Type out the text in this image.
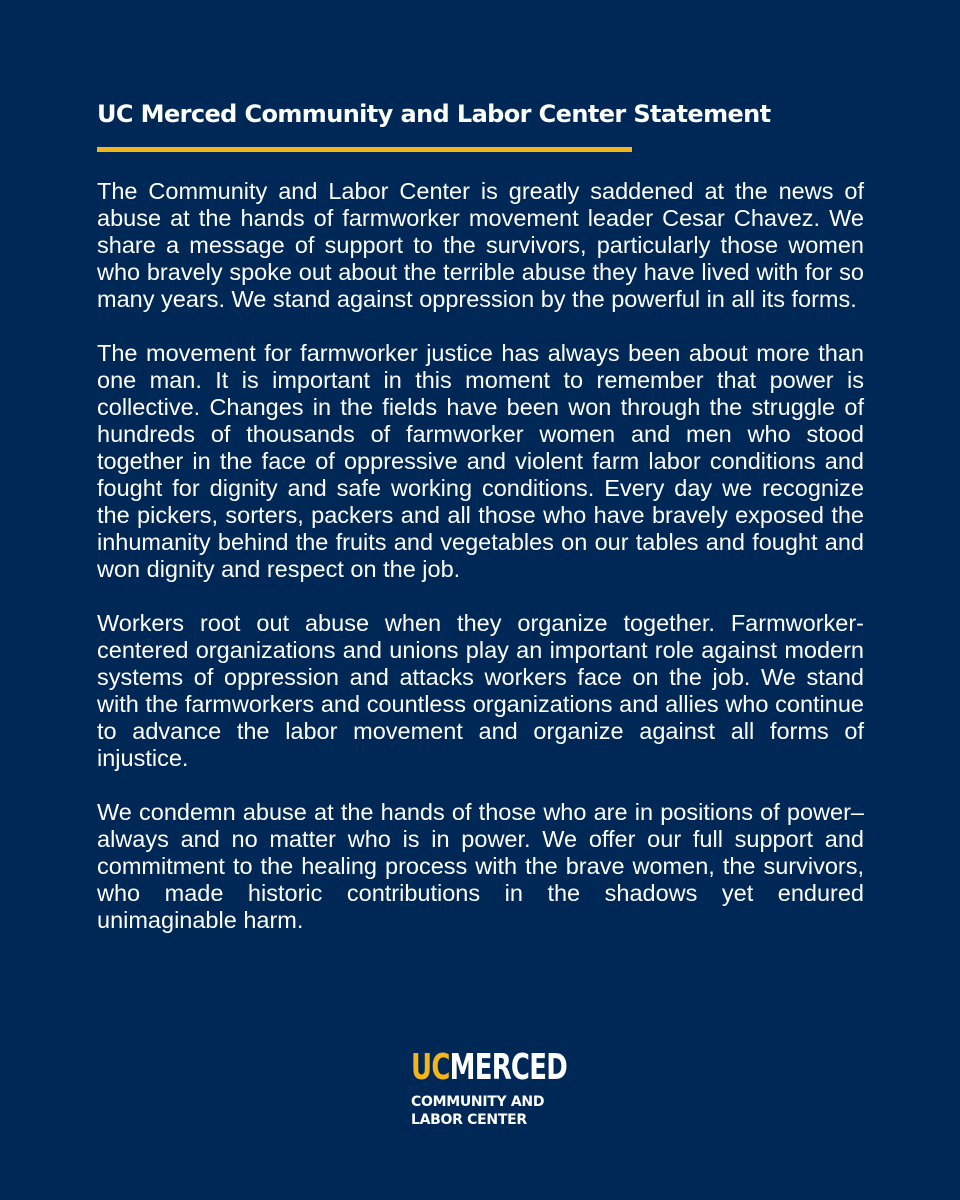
UC Merced Community and Labor Center Statement

The Community and Labor Center is greatly saddened at the news of abuse at the hands of farmworker movement leader Cesar Chavez. We share a message of support to the survivors, particularly those women who bravely spoke out about the terrible abuse they have lived with for so many years. We stand against oppression by the powerful in all its forms.

The movement for farmworker justice has always been about more than one man. It is important in this moment to remember that power is collective. Changes in the fields have been won through the struggle of hundreds of thousands of farmworker women and men who stood together in the face of oppressive and violent farm labor conditions and fought for dignity and safe working conditions. Every day we recognize the pickers, sorters, packers and all those who have bravely exposed the inhumanity behind the fruits and vegetables on our tables and fought and won dignity and respect on the job.

Workers root out abuse when they organize together. Farmworker-centered organizations and unions play an important role against modern systems of oppression and attacks workers face on the job. We stand with the farmworkers and countless organizations and allies who continue to advance the labor movement and organize against all forms of injustice.

We condemn abuse at the hands of those who are in positions of power–always and no matter who is in power. We offer our full support and commitment to the healing process with the brave women, the survivors, who made historic contributions in the shadows yet endured unimaginable harm.

UCMERCED
COMMUNITY AND
LABOR CENTER
